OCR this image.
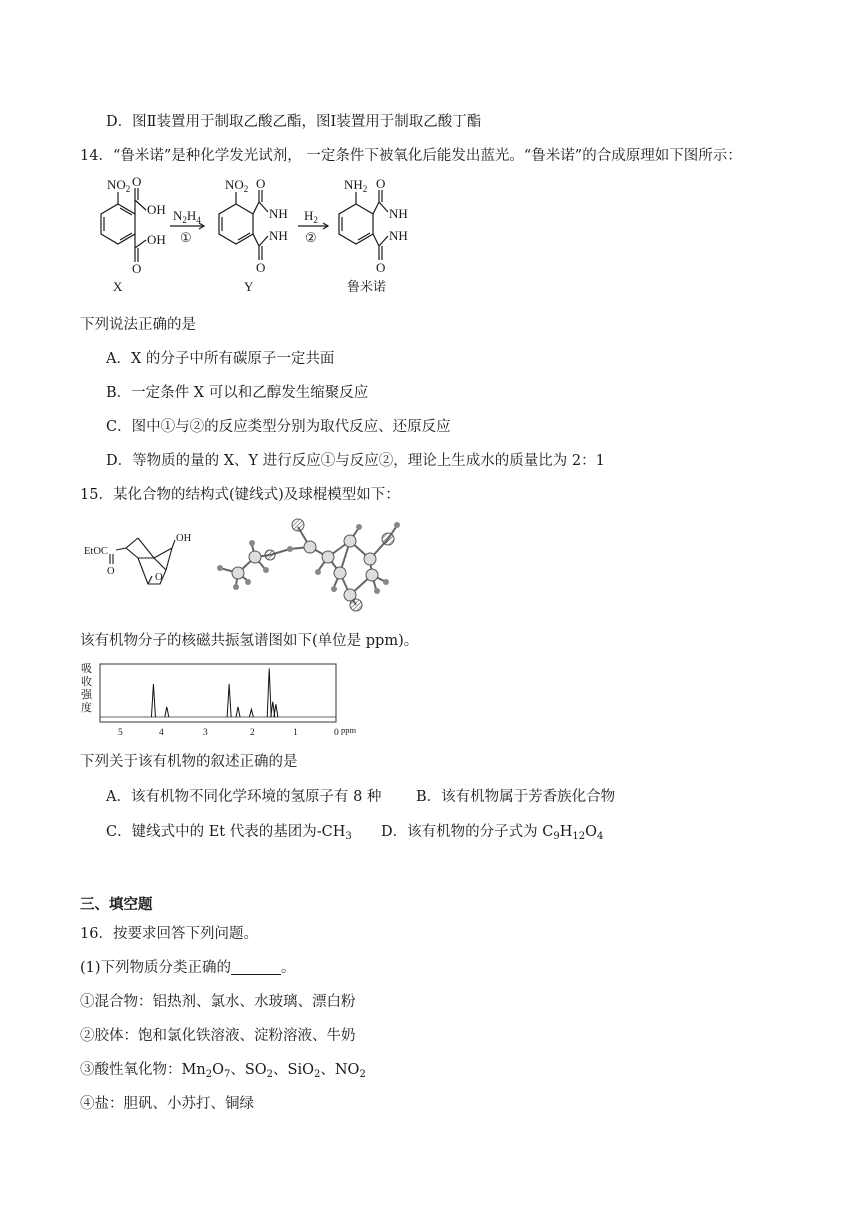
D．图Ⅱ装置用于制取乙酸乙酯，图Ⅰ装置用于制取乙酸丁酯
14．“鲁米诺”是种化学发光试剂， 一定条件下被氧化后能发出蓝光。“鲁米诺”的合成原理如下图所示：
$NO_2$ O
OH
OH
O
X
$N_2H_4$
①
$NO_2$ O
NH
NH
O
Y
$H_2$
②
$NH_2$ O
NH
NH
O
鲁米诺
下列说法正确的是
A．X 的分子中所有碳原子一定共面
B．一定条件 X 可以和乙醇发生缩聚反应
C．图中①与②的反应类型分别为取代反应、还原反应
D．等物质的量的 X、Y 进行反应①与反应②，理论上生成水的质量比为 2：1
15．某化合物的结构式(键线式)及球棍模型如下：
EtOC
O
OH
O
该有机物分子的核磁共振氢谱图如下(单位是 ppm)。
吸
收
强
度
5	4	3	2	1	0 ppm
下列关于该有机物的叙述正确的是
A．该有机物不同化学环境的氢原子有 8 种 B．该有机物属于芳香族化合物
C．键线式中的 Et 代表的基团为$-CH_3$ D．该有机物的分子式为 $C_9H_{12}O_4$
三、填空题
16．按要求回答下列问题。
(1)下列物质分类正确的	。
①混合物：铝热剂、氯水、水玻璃、漂白粉
②胶体：饱和氯化铁溶液、淀粉溶液、牛奶
③酸性氧化物：$Mn_2O_7$、$SO_2$、SiO$_2$、$NO_2$
④盐：胆矾、小苏打、铜绿
